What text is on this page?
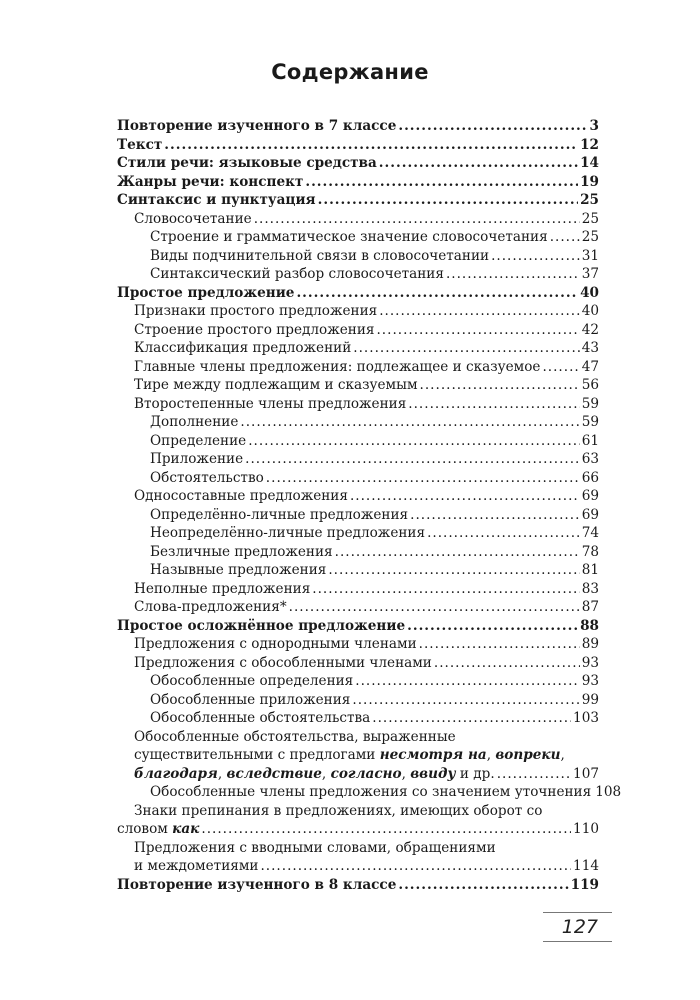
Содержание
Повторение изученного в 7 классе .....	3
Текст .....	12
Стили речи: языковые средства .....	14
Жанры речи: конспект .....	19
Синтаксис и пунктуация .....	25
Словосочетание .....	25
Строение и грамматическое значение словосочетания ..... 25
Виды подчинительной связи в словосочетании .....	31
Синтаксический разбор словосочетания .....	37
Простое предложение .....	40
Признаки простого предложения .....	40
Строение простого предложения .....	42
Классификация предложений .....	43
Главные члены предложения: подлежащее и сказуемое .....	47
Тире между подлежащим и сказуемым .....	56
Второстепенные члены предложения .....	59
Дополнение .....	59
Определение .....	61
Приложение .....	63
Обстоятельство .....	66
Односоставные предложения .....	69
Определённо-личные предложения .....	69
Неопределённо-личные предложения .....	74
Безличные предложения .....	78
Назывные предложения .....	81
Неполные предложения .....	83
Слова-предложения* .....	87
Простое осложнённое предложение .....	88
Предложения с однородными членами .....	89
Предложения с обособленными членами .....	93
Обособленные определения .....	93
Обособленные приложения .....	99
Обособленные обстоятельства .....	103
Обособленные обстоятельства, выраженные
существительными с предлогами несмотря на , вопреки ,
благодаря , вследствие , согласно , ввиду и др. .....	107
Обособленные члены предложения со значением уточнения 108
Знаки препинания в предложениях, имеющих оборот со
словом как .....	110
Предложения с вводными словами, обращениями
и междометиями .....	114
Повторение изученного в 8 классе .....	119
127
